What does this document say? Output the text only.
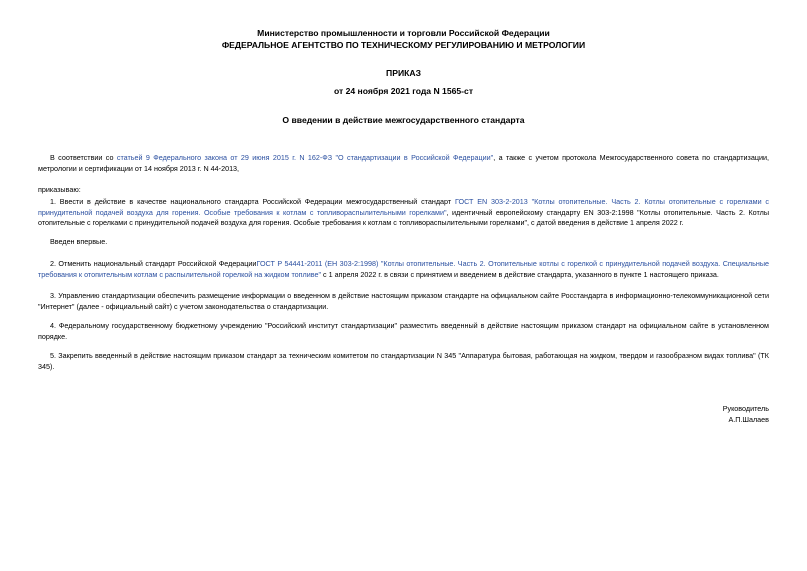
Министерство промышленности и торговли Российской Федерации
ФЕДЕРАЛЬНОЕ АГЕНТСТВО ПО ТЕХНИЧЕСКОМУ РЕГУЛИРОВАНИЮ И МЕТРОЛОГИИ
ПРИКАЗ
от 24 ноября 2021 года N 1565-ст
О введении в действие межгосударственного стандарта

В соответствии со статьей 9 Федерального закона от 29 июня 2015 г. N 162-ФЗ "О стандартизации в Российской Федерации", а также с учетом протокола Межгосударственного совета по стандартизации, метрологии и сертификации от 14 ноября 2013 г. N 44-2013,

приказываю:

1. Ввести в действие в качестве национального стандарта Российской Федерации межгосударственный стандарт ГОСТ EN 303-2-2013 "Котлы отопительные. Часть 2. Котлы отопительные с горелками с принудительной подачей воздуха для горения. Особые требования к котлам с топливораспылительными горелками", идентичный европейскому стандарту EN 303-2:1998 "Котлы отопительные. Часть 2. Котлы отопительные с горелками с принудительной подачей воздуха для горения. Особые требования к котлам с топливораспылительными горелками", с датой введения в действие 1 апреля 2022 г.

Введен впервые.

2. Отменить национальный стандарт Российской ФедерацииГОСТ Р 54441-2011 (ЕН 303-2:1998) "Котлы отопительные. Часть 2. Отопительные котлы с горелкой с принудительной подачей воздуха. Специальные требования к отопительным котлам с распылительной горелкой на жидком топливе" с 1 апреля 2022 г. в связи с принятием и введением в действие стандарта, указанного в пункте 1 настоящего приказа.

3. Управлению стандартизации обеспечить размещение информации о введенном в действие настоящим приказом стандарте на официальном сайте Росстандарта в информационно-телекоммуникационной сети "Интернет" (далее - официальный сайт) с учетом законодательства о стандартизации.

4. Федеральному государственному бюджетному учреждению "Российский институт стандартизации" разместить введенный в действие настоящим приказом стандарт на официальном сайте в установленном порядке.

5. Закрепить введенный в действие настоящим приказом стандарт за техническим комитетом по стандартизации N 345 "Аппаратура бытовая, работающая на жидком, твердом и газообразном видах топлива" (ТК 345).

Руководитель
А.П.Шалаев
